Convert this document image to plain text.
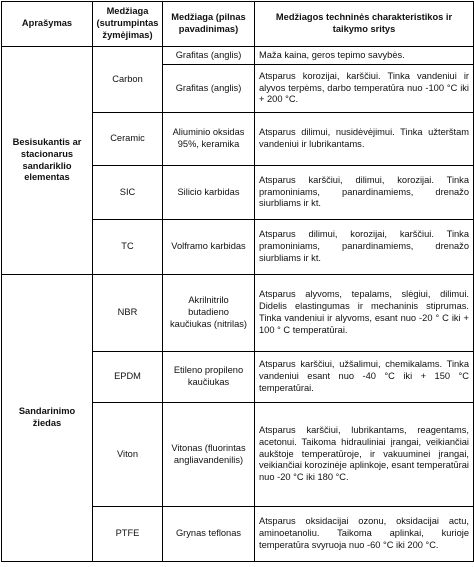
Aprašymas	Medžiaga (sutrumpintas žymėjimas)	Medžiaga (pilnas pavadinimas)	Medžiagos techninės charakteristikos ir taikymo sritys
Besisukantis ar stacionarus sandariklio elementas	Carbon	Grafitas (anglis)	Maža kaina, geros tepimo savybės.
		Grafitas (anglis)	Atsparus korozijai, karščiui. Tinka vandeniui ir alyvos terpėms, darbo temperatūra nuo -100 °C iki + 200 °C.
	Ceramic	Aliuminio oksidas 95%, keramika	Atsparus dilimui, nusidėvėjimui. Tinka užterštam vandeniui ir lubrikantams.
	SIC	Silicio karbidas	Atsparus karščiui, dilimui, korozijai. Tinka pramoniniams, panardinamiems, drenažo siurbliams ir kt.
	TC	Volframo karbidas	Atsparus dilimui, korozijai, karščiui. Tinka pramoniniams, panardinamiems, drenažo siurbliams ir kt.
Sandarinimo žiedas	NBR	Akrilnitrilo butadieno kaučiukas (nitrilas)	Atsparus alyvoms, tepalams, slėgiui, dilimui. Didelis elastingumas ir mechaninis stiprumas. Tinka vandeniui ir alyvoms, esant nuo -20 ° C iki + 100 ° C temperatūrai.
	EPDM	Etileno propileno kaučiukas	Atsparus karščiui, užšalimui, chemikalams. Tinka vandeniui esant nuo -40 °C iki + 150 °C temperatūrai.
	Viton	Vitonas (fluorintas angliavandenilis)	Atsparus karščiui, lubrikantams, reagentams, acetonui. Taikoma hidrauliniai įrangai, veikiančiai aukštoje temperatūroje, ir vakuuminei įrangai, veikiančiai korozinėje aplinkoje, esant temperatūrai nuo -20 °C iki 180 °C.
	PTFE	Grynas teflonas	Atsparus oksidacijai ozonu, oksidacijai actu, aminoetanoliu. Taikoma aplinkai, kurioje temperatūra svyruoja nuo -60 °C iki 200 °C.
